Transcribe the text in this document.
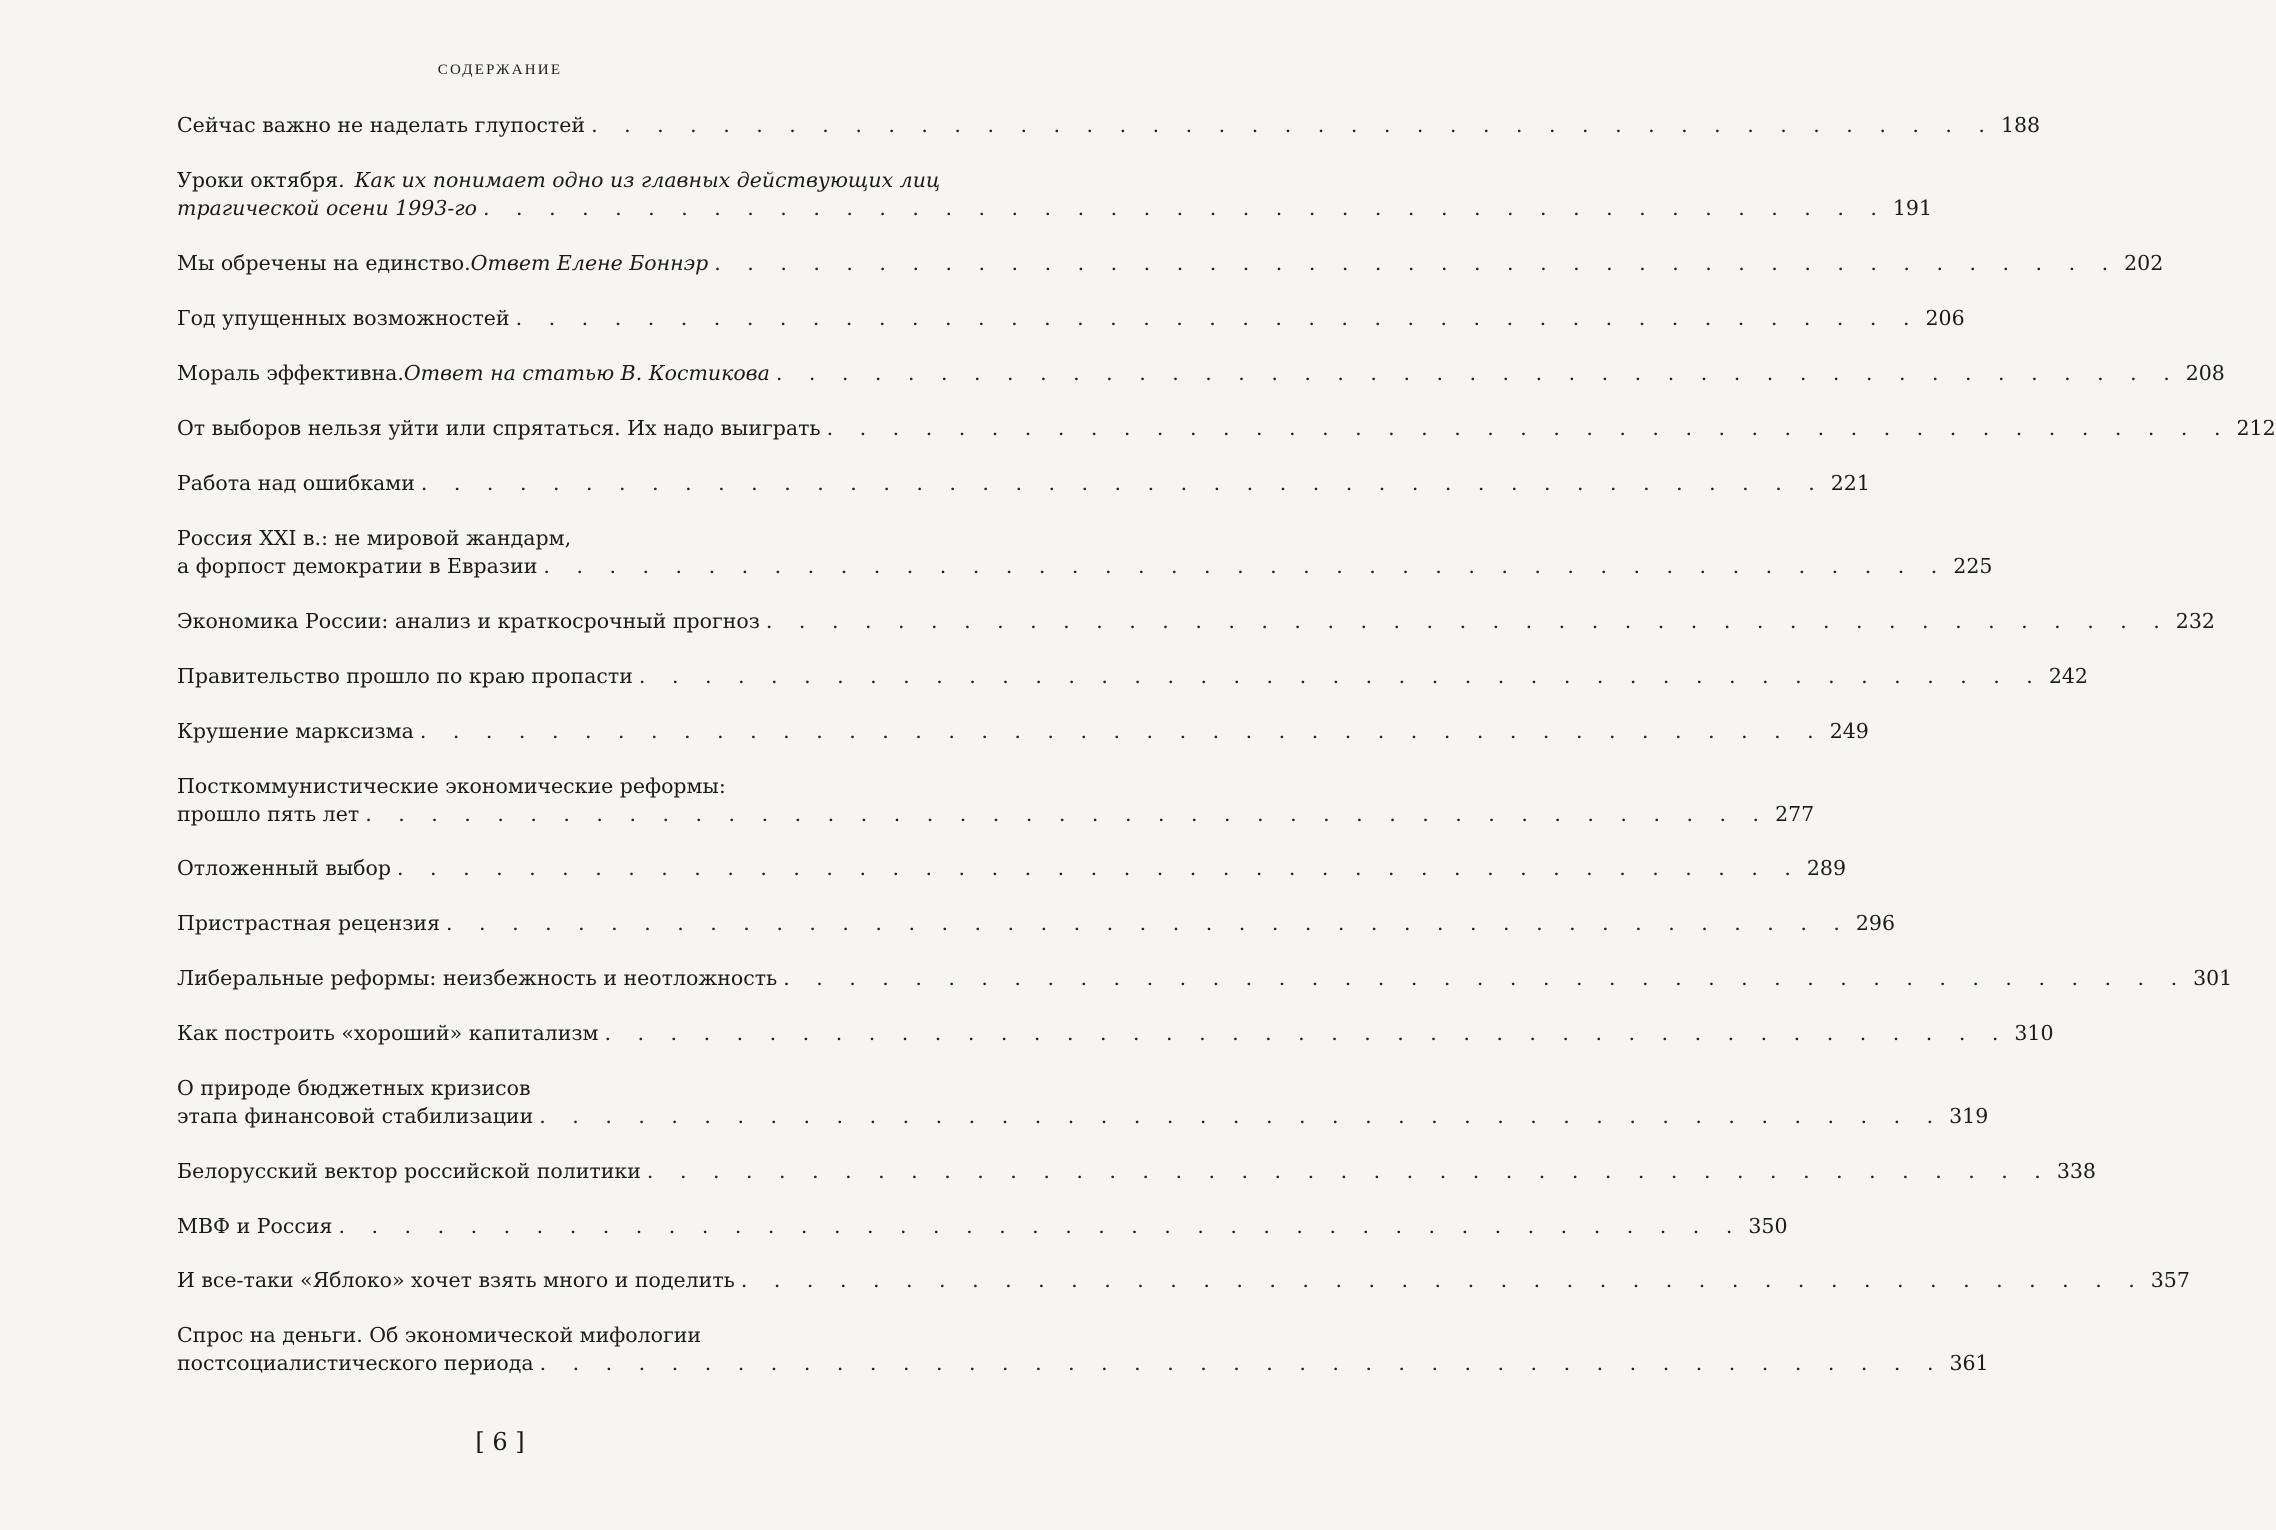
СОДЕРЖАНИЕ
Сейчас важно не наделать глупостей . . . . . . . . . . . . . . . . . . . . . . . . . . . . . . . . . . . . . . . . . . . 188
Уроки октября. Как их понимает одно из главных действующих лиц
трагической осени 1993-го . . . . . . . . . . . . . . . . . . . . . . . . . . . . . . . . . . . . . . . . . . . 191
Мы обречены на единство. Ответ Елене Боннэр . . . . . . . . . . . . . . . . . . . . . . . . . . . . . . . . . . . . . . . . . . . 202
Год упущенных возможностей . . . . . . . . . . . . . . . . . . . . . . . . . . . . . . . . . . . . . . . . . . . 206
Мораль эффективна. Ответ на статью В. Костикова . . . . . . . . . . . . . . . . . . . . . . . . . . . . . . . . . . . . . . . . . . . 208
От выборов нельзя уйти или спрятаться. Их надо выиграть . . . . . . . . . . . . . . . . . . . . . . . . . . . . . . . . . . . . . . . . . . . 212
Работа над ошибками . . . . . . . . . . . . . . . . . . . . . . . . . . . . . . . . . . . . . . . . . . . 221
Россия XXI в.: не мировой жандарм,
а форпост демократии в Евразии . . . . . . . . . . . . . . . . . . . . . . . . . . . . . . . . . . . . . . . . . . . 225
Экономика России: анализ и краткосрочный прогноз . . . . . . . . . . . . . . . . . . . . . . . . . . . . . . . . . . . . . . . . . . . 232
Правительство прошло по краю пропасти . . . . . . . . . . . . . . . . . . . . . . . . . . . . . . . . . . . . . . . . . . . 242
Крушение марксизма . . . . . . . . . . . . . . . . . . . . . . . . . . . . . . . . . . . . . . . . . . . 249
Посткоммунистические экономические реформы:
прошло пять лет . . . . . . . . . . . . . . . . . . . . . . . . . . . . . . . . . . . . . . . . . . . 277
Отложенный выбор . . . . . . . . . . . . . . . . . . . . . . . . . . . . . . . . . . . . . . . . . . . 289
Пристрастная рецензия . . . . . . . . . . . . . . . . . . . . . . . . . . . . . . . . . . . . . . . . . . . 296
Либеральные реформы: неизбежность и неотложность . . . . . . . . . . . . . . . . . . . . . . . . . . . . . . . . . . . . . . . . . . . 301
Как построить «хороший» капитализм . . . . . . . . . . . . . . . . . . . . . . . . . . . . . . . . . . . . . . . . . . . 310
О природе бюджетных кризисов
этапа финансовой стабилизации . . . . . . . . . . . . . . . . . . . . . . . . . . . . . . . . . . . . . . . . . . . 319
Белорусский вектор российской политики . . . . . . . . . . . . . . . . . . . . . . . . . . . . . . . . . . . . . . . . . . . 338
МВФ и Россия . . . . . . . . . . . . . . . . . . . . . . . . . . . . . . . . . . . . . . . . . . . 350
И все-таки «Яблоко» хочет взять много и поделить . . . . . . . . . . . . . . . . . . . . . . . . . . . . . . . . . . . . . . . . . . . 357
Спрос на деньги. Об экономической мифологии
постсоциалистического периода . . . . . . . . . . . . . . . . . . . . . . . . . . . . . . . . . . . . . . . . . . . 361
[ 6 ]
